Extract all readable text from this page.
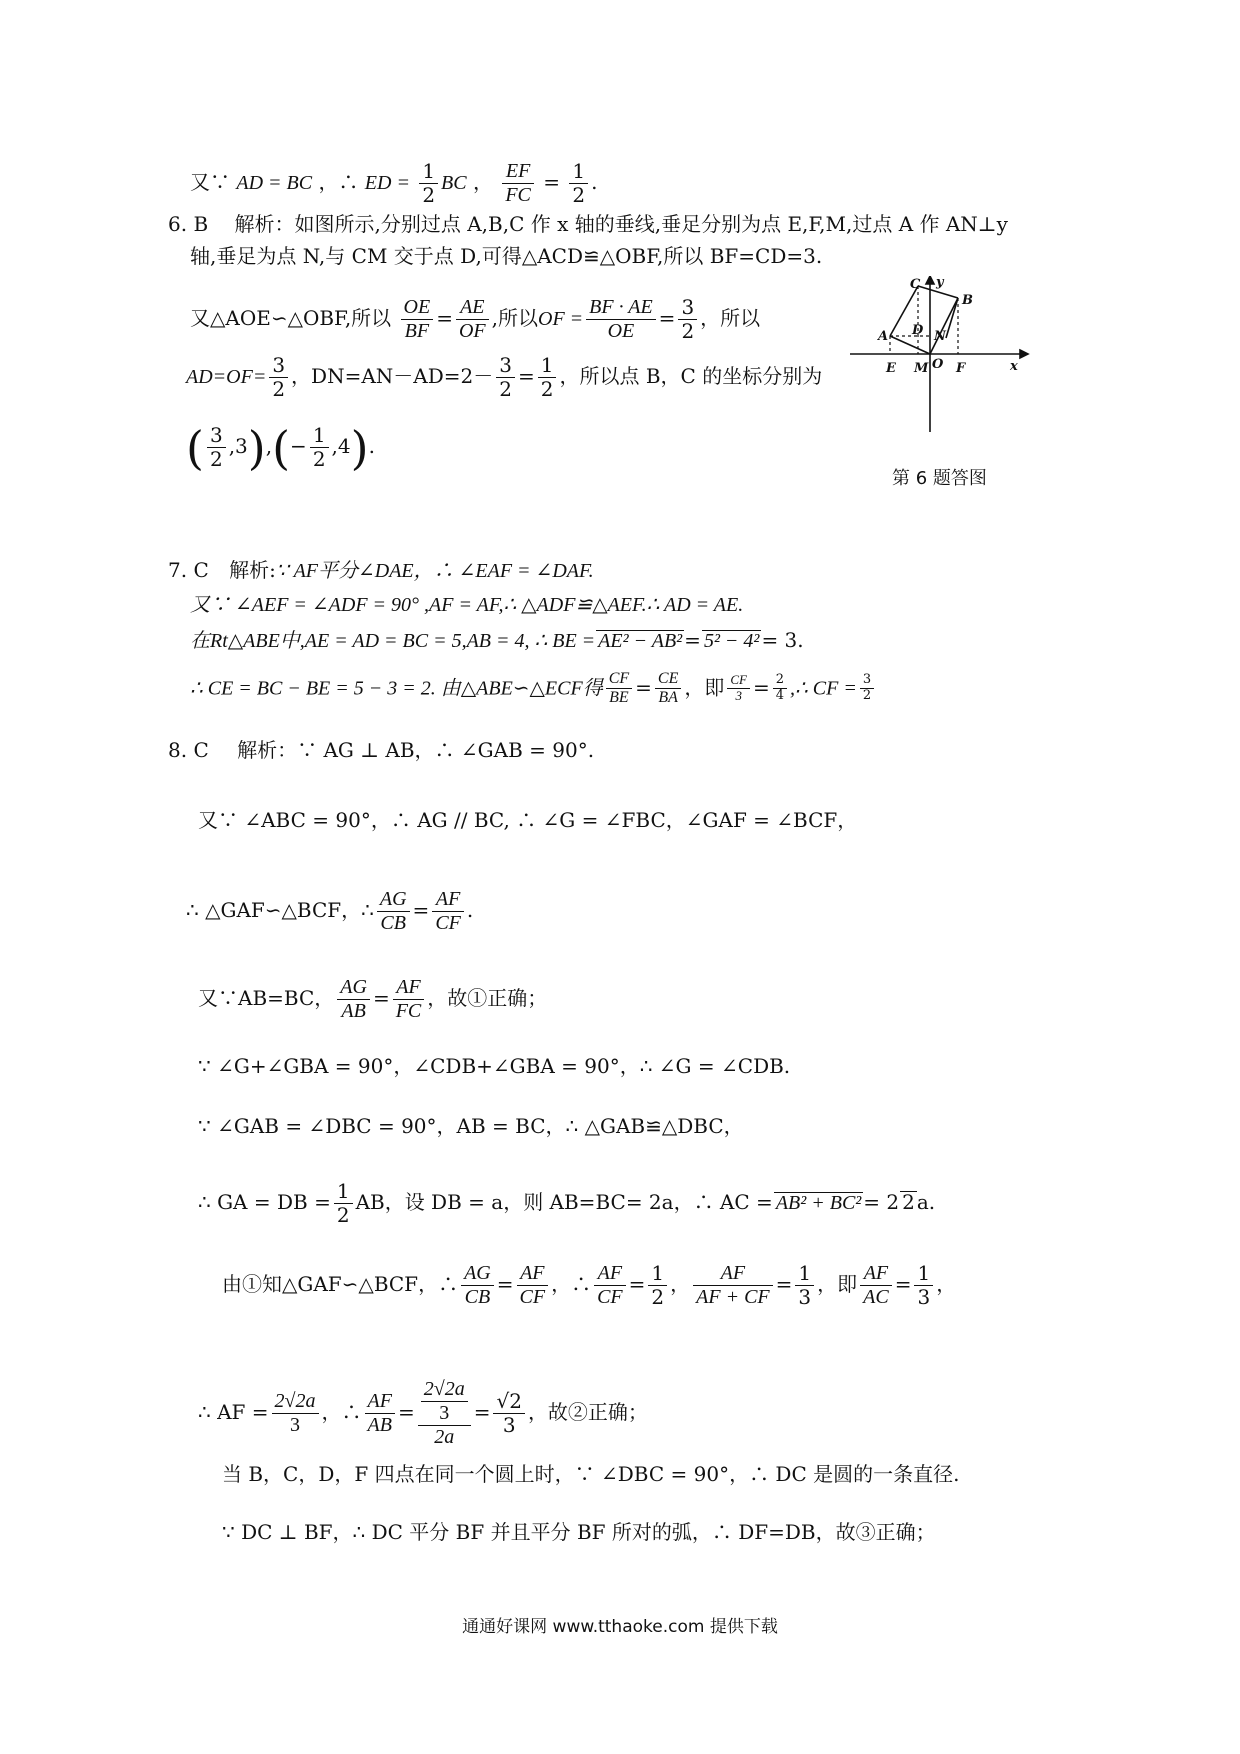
又∵ AD = BC ，∴ ED = $\frac{1}{2}$ BC ， $\frac{EF}{FC} = \frac{1}{2}$ .
6. B 解析：如图所示,分别过点 A,B,C 作 x 轴的垂线,垂足分别为点 E,F,M,过点 A 作 AN⊥y
轴,垂足为点 N,与 CM 交于点 D,可得△ACD≌△OBF,所以 BF=CD=3.
又△AOE∽△OBF,所以 $\frac{OE}{BF} = \frac{AE}{OF}$ ,所以OF = $\frac{BF \cdot AE}{OE} = \frac{3}{2}$ ，所以
$AD=OF= \frac{3}{2}$ ，$DN=AN-AD=2- \frac{3}{2} = \frac{1}{2}$ ，所以点 B，C 的坐标分别为
( $\frac{3}{2} ,3),(- \frac{1}{2} ,4)$.
y
C
B
A D N
E M O F	x
第 6 题答图
7. C 解析:∵ AF平分∠DAE，∴ ∠EAF = ∠DAF.
又∵ ∠AEF = ∠ADF = 90° ,AF = AF,∴ △ADF≌△AEF.∴ AD = AE.
在Rt△ABE中,AE = AD = BC = 5,AB = 4, ∴ BE = AE² − AB² = 5² − 4² = 3.
∴ CE = BC − BE = 5 − 3 = 2. 由△ABE∽△ECF得 $\frac{CF}{BE} = \frac{CE}{BA}$ ，即 $\frac{CF}{3} = \frac{2}{4}$ ,∴ CF = $\frac{3}{2}$
8. C 解析：∵ AG ⊥ AB，∴ ∠GAB = 90°.
又∵ ∠ABC = 90°，∴ AG // BC, ∴ ∠G = ∠FBC，∠GAF = ∠BCF，
∴ △GAF∽△BCF，∴ $\frac{AG}{CB} = \frac{AF}{CF}$ .
又∵AB=BC， $\frac{AG}{AB} = \frac{AF}{FC}$ ，故①正确；
∵ ∠G+∠GBA = 90°，∠CDB+∠GBA = 90°，∴ ∠G = ∠CDB.
∵ ∠GAB = ∠DBC = 90°，AB = BC，∴ △GAB≌△DBC，
∴ GA = DB = $\frac{1}{2}$ AB，设 DB = a，则 AB=BC= 2a，∴ AC = AB² + BC² = 2 2 a.
由①知△GAF∽△BCF，∴ $\frac{AG}{CB} = \frac{AF}{CF}$ ，∴ $\frac{AF}{CF} = \frac{1}{2}$ ， $\frac{AF}{AF + CF} = \frac{1}{3}$ ，即 $\frac{AF}{AC} = \frac{1}{3}$ ，
∴ AF = $\frac{2√2a}{3}$ ，∴ $\frac{AF}{AB} = \frac{\frac{2√2a}{3}}{2a} = \frac{√2}{3}$ ，故②正确；
当 B，C，D，F 四点在同一个圆上时，∵ ∠DBC = 90°，∴ DC 是圆的一条直径.
∵ DC ⊥ BF，∴ DC 平分 BF 并且平分 BF 所对的弧，∴ DF=DB，故③正确；
通通好课网 www.tthaoke.com 提供下载
